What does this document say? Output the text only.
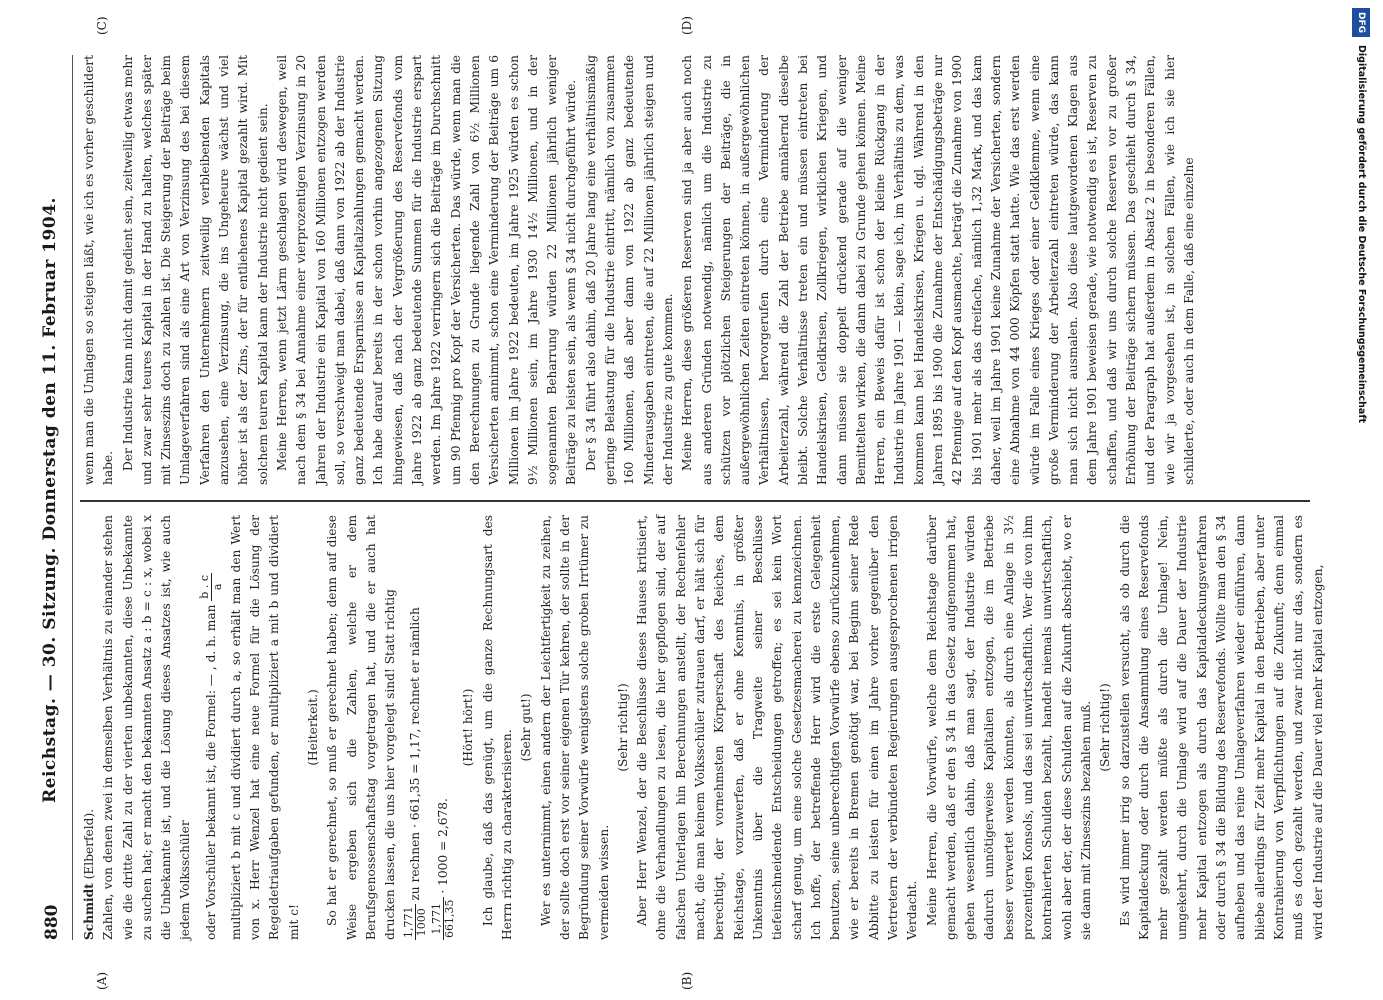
880
Reichstag. — 30. Sitzung. Donnerstag den 11. Februar 1904.
(A)	(B)
(C)	(D)

Schmidt (Elberfeld). Zahlen, von denen zwei in demselben Verhältnis zu einander stehen wie die dritte Zahl zu der vierten unbekannten, diese Unbekannte zu suchen hat; er macht den bekannten Ansatz a : b = c : x, wobei x die Unbekannte ist, und die Lösung dieses Ansatzes ist, wie auch jedem Volksschüler oder Vorschüler bekannt ist, die Formel: — , d. h. man
b . c a multipliziert b mit c und dividiert durch a, so erhält man den Wert von x. Herr Wenzel hat eine neue Formel für die Lösung der Regeldetriaufgaben gefunden, er multipliziert a mit b und dividiert mit c!

(Heiterkeit.) So hat er gerechnet, so muß er gerechnet haben; denn auf diese Weise ergeben sich die Zahlen, welche er dem Berufsgenossenschaftstag vorgetragen hat, und die er auch hat drucken lassen, die uns hier vorgelegt sind! Statt richtig 1,771 1000
zu rechnen · 661,35 = 1,17, rechnet er nämlich

1,771 661,35
· 1000 = 2,678.

(Hört! hört!) Ich glaube, daß das genügt, um die ganze Rechnungsart des Herrn richtig zu charakterisieren.

(Sehr gut!) Wer es unternimmt, einen andern der Leichtfertigkeit zu zeihen, der sollte doch erst vor seiner eigenen Tür kehren, der sollte in der Begründung seiner Vorwürfe wenigstens solche groben Irrtümer zu vermeiden wissen.

(Sehr richtig!) Aber Herr Wenzel, der die Beschlüsse dieses Hauses kritisiert, ohne die Verhandlungen zu lesen, die hier gepflogen sind, der auf falschen Unterlagen hin Berechnungen anstellt, der Rechenfehler macht, die man keinem Volksschüler zutrauen darf, er hält sich für berechtigt, der vornehmsten Körperschaft des Reiches, dem Reichstage, vorzuwerfen, daß er ohne Kenntnis, in größter Unkenntnis über die Tragweite seiner Beschlüsse tiefeinschneidende Entscheidungen getroffen; es sei kein Wort scharf genug, um eine solche Gesetzesmacherei zu kennzeichnen. Ich hoffe, der betreffende Herr wird die erste Gelegenheit benutzen, seine unberechtigten Vorwürfe ebenso zurückzunehmen, wie er bereits in Bremen genötigt war, bei Beginn seiner Rede Abbitte zu leisten für einen im Jahre vorher gegenüber den Vertretern der verbündeten Regierungen ausgesprochenen irrigen Verdacht. Meine Herren, die Vorwürfe, welche dem Reichstage darüber gemacht werden, daß er den § 34 in das Gesetz aufgenommen hat, gehen wesentlich dahin, daß man sagt, der Industrie würden dadurch unnötigerweise Kapitalien entzogen, die im Betriebe besser verwertet werden könnten, als durch eine Anlage in 3½ prozentigen Konsols, und das sei unwirtschaftlich. Wer die von ihm kontrahierten Schulden bezahlt, handelt niemals unwirtschaftlich, wohl aber der, der diese Schulden auf die Zukunft abschiebt, wo er sie dann mit Zinseszins bezahlen muß. (Sehr richtig!) Es wird immer irrig so darzustellen versucht, als ob durch die Kapitaldeckung oder durch die Ansammlung eines Reservefonds mehr gezahlt werden müßte als durch die Umlage! Nein, umgekehrt, durch die Umlage wird auf die Dauer der Industrie mehr Kapital entzogen als durch das Kapitaldeckungsverfahren oder durch § 34 die Bildung des Reservefonds. Wollte man den § 34 aufheben und das reine Umlageverfahren wieder einführen, dann bliebe allerdings für Zeit mehr Kapital in den Betrieben, aber unter Kontrahierung von Verpflichtungen auf die Zukunft; denn einmal muß es doch gezahlt werden, und zwar nicht nur das, sondern es wird der Industrie auf die Dauer viel mehr Kapital entzogen,

wenn man die Umlagen so steigen läßt, wie ich es vorher geschildert habe. Der Industrie kann nicht damit gedient sein, zeitweilig etwas mehr und zwar sehr teures Kapital in der Hand zu halten, welches später mit Zinseszins doch zu zahlen ist. Die Steigerung der Beiträge beim Umlageverfahren sind als eine Art von Verzinsung des bei diesem Verfahren den Unternehmern zeitweilig verbleibenden Kapitals anzusehen, eine Verzinsung, die ins Ungeheure wächst und viel höher ist als der Zins, der für entliehenes Kapital gezahlt wird. Mit solchem teuren Kapital kann der Industrie nicht gedient sein. Meine Herren, wenn jetzt Lärm geschlagen wird deswegen, weil nach dem § 34 bei Annahme einer vierprozentigen Verzinsung in 20 Jahren der Industrie ein Kapital von 160 Millionen entzogen werden soll, so verschweigt man dabei, daß dann von 1922 ab der Industrie ganz bedeutende Ersparnisse an Kapitalzahlungen gemacht werden. Ich habe darauf bereits in der schon vorhin angezogenen Sitzung hingewiesen, daß nach der Vergrößerung des Reservefonds vom Jahre 1922 ab ganz bedeutende Summen für die Industrie erspart werden. Im Jahre 1922 verringern sich die Beiträge im Durchschnitt um 90 Pfennig pro Kopf der Versicherten. Das würde, wenn man die den Berechnungen zu Grunde liegende Zahl von 6½ Millionen Versicherten annimmt, schon eine Verminderung der Beiträge um 6 Millionen im Jahre 1922 bedeuten, im Jahre 1925 würden es schon 9½ Millionen sein, im Jahre 1930 14½ Millionen, und in der sogenannten Beharrung würden 22 Millionen jährlich weniger Beiträge zu leisten sein, als wenn § 34 nicht durchgeführt würde. Der § 34 führt also dahin, daß 20 Jahre lang eine verhältnismäßig geringe Belastung für die Industrie eintritt, nämlich von zusammen 160 Millionen, daß aber dann von 1922 ab ganz bedeutende Minderausgaben eintreten, die auf 22 Millionen jährlich steigen und der Industrie zu gute kommen. Meine Herren, diese größeren Reserven sind ja aber auch noch aus anderen Gründen notwendig, nämlich um die Industrie zu schützen vor plötzlichen Steigerungen der Beiträge, die in außergewöhnlichen Zeiten eintreten können, in außergewöhnlichen Verhältnissen, hervorgerufen durch eine Verminderung der Arbeiterzahl, während die Zahl der Betriebe annähernd dieselbe bleibt. Solche Verhältnisse treten ein und müssen eintreten bei Handelskrisen, Geldkrisen, Zollkriegen, wirklichen Kriegen, und dann müssen sie doppelt drückend gerade auf die weniger Bemittelten wirken, die dann dabei zu Grunde gehen können. Meine Herren, ein Beweis dafür ist schon der kleine Rückgang in der Industrie im Jahre 1901 — klein, sage ich, im Verhältnis zu dem, was kommen kann bei Handelskrisen, Kriegen u. dgl. Während in den Jahren 1895 bis 1900 die Zunahme der Entschädigungsbeträge nur 42 Pfennige auf den Kopf ausmachte, beträgt die Zunahme von 1900 bis 1901 mehr als das dreifache, nämlich 1,32 Mark, und das kam daher, weil im Jahre 1901 keine Zunahme der Versicherten, sondern eine Abnahme von 44 000 Köpfen statt hatte. Wie das erst werden würde im Falle eines Krieges oder einer Geldklemme, wenn eine große Verminderung der Arbeiterzahl eintreten würde, das kann man sich nicht ausmalen. Also diese lautgewordenen Klagen aus dem Jahre 1901 beweisen gerade, wie notwendig es ist, Reserven zu schaffen, und daß wir uns durch solche Reserven vor zu großer Erhöhung der Beiträge sichern müssen. Das geschieht durch § 34, und der Paragraph hat außerdem in Absatz 2 in besonderen Fällen, wie wir ja vorgesehen ist, in solchen Fällen, wie ich sie hier schilderte, oder auch in dem Falle, daß eine einzelne

DFGDigitalisierung gefördert durch die Deutsche Forschungsgemeinschaft
